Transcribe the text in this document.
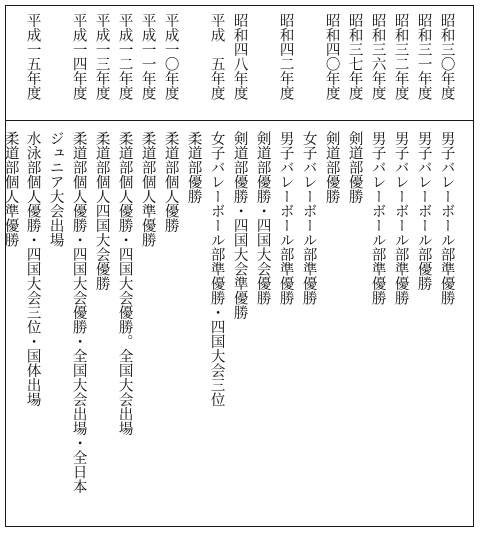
昭和三〇年度
男子バレーボール部準優勝
昭和三一年度
男子バレーボール部優勝
昭和三二年度
男子バレーボール部準優勝
昭和三六年度
男子バレーボール部準優勝
昭和三七年度
剣道部優勝
昭和四〇年度
剣道部優勝
女子バレーボール部準優勝
昭和四二年度
男子バレーボール部準優勝
剣道部優勝・四国大会優勝
昭和四八年度
剣道部優勝・四国大会準優勝
平成　五年度
女子バレーボール部準優勝・四国大会三位
柔道部優勝
平成一〇年度
柔道部個人優勝
平成一一年度
柔道部個人準優勝
平成一二年度
柔道部個人優勝・四国大会優勝。全国大会出場
平成一三年度
柔道部個人四国大会優勝
平成一四年度
柔道部個人優勝・四国大会優勝・全国大会出場・全日本
ジュニア大会出場
平成一五年度
水泳部個人優勝・四国大会三位・国体出場
柔道部個人準優勝
